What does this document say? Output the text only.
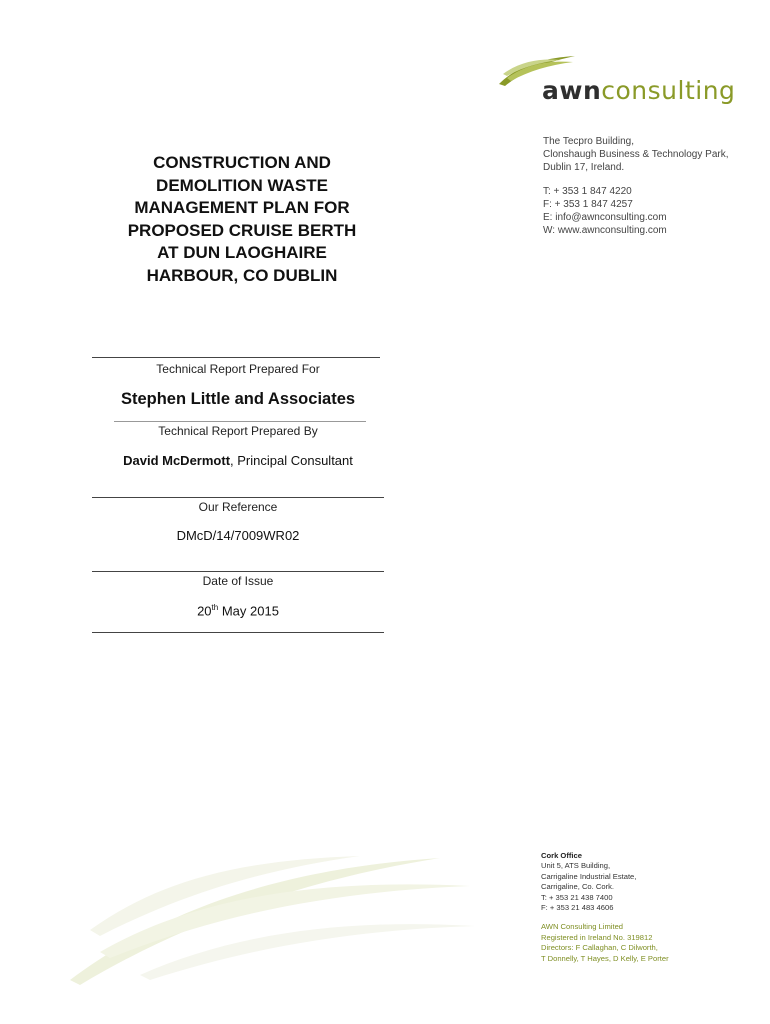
awnconsulting
The Tecpro Building,
Clonshaugh Business & Technology Park,
Dublin 17, Ireland.
T: + 353 1 847 4220
F: + 353 1 847 4257
E: info@awnconsulting.com
W: www.awnconsulting.com
CONSTRUCTION AND
DEMOLITION WASTE
MANAGEMENT PLAN FOR
PROPOSED CRUISE BERTH
AT DUN LAOGHAIRE
HARBOUR, CO DUBLIN
Technical Report Prepared For
Stephen Little and Associates
Technical Report Prepared By
David McDermott, Principal Consultant
Our Reference
DMcD/14/7009WR02
Date of Issue
20th May 2015
Cork Office
Unit 5, ATS Building,
Carrigaline Industrial Estate,
Carrigaline, Co. Cork.
T: + 353 21 438 7400
F: + 353 21 483 4606
AWN Consulting Limited
Registered in Ireland No. 319812
Directors: F Callaghan, C Dilworth,
T Donnelly, T Hayes, D Kelly, E Porter
